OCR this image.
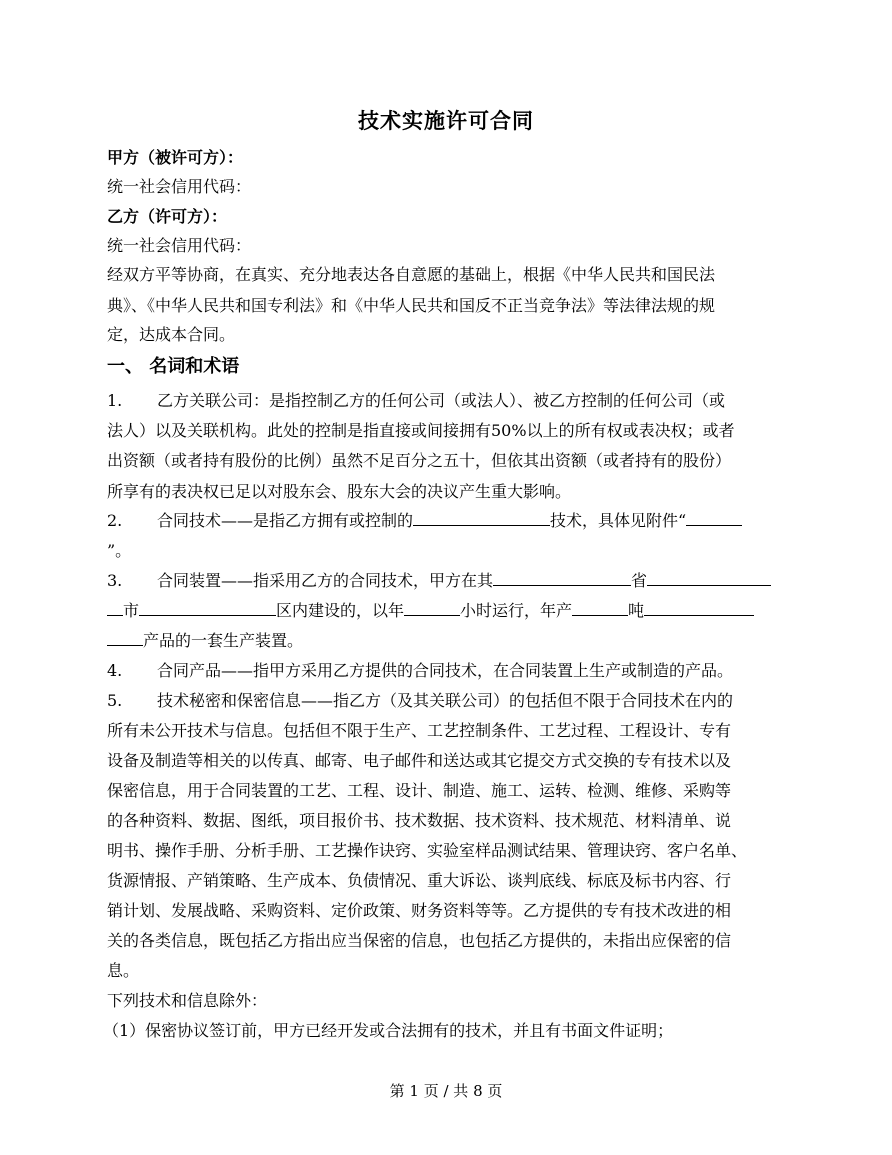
技术实施许可合同
甲方（被许可方）：
统一社会信用代码：
乙方（许可方）：
统一社会信用代码：
经双方平等协商，在真实、充分地表达各自意愿的基础上，根据《中华人民共和国民法
典》、《中华人民共和国专利法》和《中华人民共和国反不正当竞争法》等法律法规的规
定，达成本合同。
一、 名词和术语
1. 乙方关联公司：是指控制乙方的任何公司（或法人）、被乙方控制的任何公司（或
法人）以及关联机构。此处的控制是指直接或间接拥有50%以上的所有权或表决权；或者
出资额（或者持有股份的比例）虽然不足百分之五十，但依其出资额（或者持有的股份）
所享有的表决权已足以对股东会、股东大会的决议产生重大影响。
2. 合同技术——是指乙方拥有或控制的	技术，具体见附件“
”。
3. 合同装置——指采用乙方的合同技术，甲方在其	省
市	区内建设的，以年	小时运行，年产	吨
产品的一套生产装置。
4. 合同产品——指甲方采用乙方提供的合同技术，在合同装置上生产或制造的产品。
5. 技术秘密和保密信息——指乙方（及其关联公司）的包括但不限于合同技术在内的
所有未公开技术与信息。包括但不限于生产、工艺控制条件、工艺过程、工程设计、专有
设备及制造等相关的以传真、邮寄、电子邮件和送达或其它提交方式交换的专有技术以及
保密信息，用于合同装置的工艺、工程、设计、制造、施工、运转、检测、维修、采购等
的各种资料、数据、图纸，项目报价书、技术数据、技术资料、技术规范、材料清单、说
明书、操作手册、分析手册、工艺操作诀窍、实验室样品测试结果、管理诀窍、客户名单、
货源情报、产销策略、生产成本、负债情况、重大诉讼、谈判底线、标底及标书内容、行
销计划、发展战略、采购资料、定价政策、财务资料等等。乙方提供的专有技术改进的相
关的各类信息，既包括乙方指出应当保密的信息，也包括乙方提供的，未指出应保密的信
息。
下列技术和信息除外：
（1）保密协议签订前，甲方已经开发或合法拥有的技术，并且有书面文件证明；
第 1 页 / 共 8 页
